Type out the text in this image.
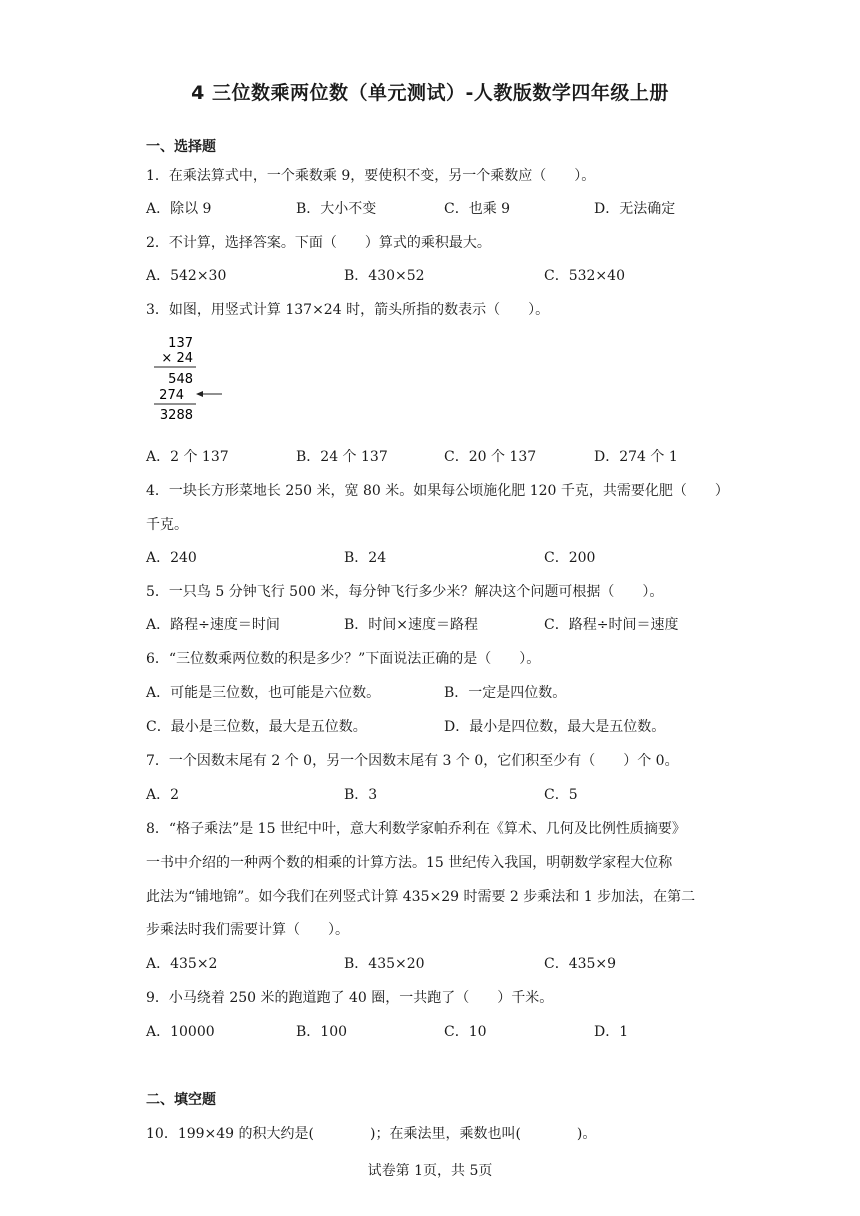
4 三位数乘两位数（单元测试）-人教版数学四年级上册
一、选择题
1．在乘法算式中，一个乘数乘 9，要使积不变，另一个乘数应（　　）。
A．除以 9	B．大小不变	C．也乘 9	D．无法确定
2．不计算，选择答案。下面（　　）算式的乘积最大。
A．542×30	B．430×52	C．532×40
3．如图，用竖式计算 137×24 时，箭头所指的数表示（　　）。
137
× 24
548
274
3288
A．2 个 137	B．24 个 137	C．20 个 137	D．274 个 1
4．一块长方形菜地长 250 米，宽 80 米。如果每公顷施化肥 120 千克，共需要化肥（　　）
千克。
A．240	B．24	C．200
5．一只鸟 5 分钟飞行 500 米，每分钟飞行多少米？解决这个问题可根据（　　）。
A．路程÷速度＝时间	B．时间×速度＝路程	C．路程÷时间＝速度
6．“三位数乘两位数的积是多少？”下面说法正确的是（　　）。
A．可能是三位数，也可能是六位数。	B．一定是四位数。
C．最小是三位数，最大是五位数。	D．最小是四位数，最大是五位数。
7．一个因数末尾有 2 个 0，另一个因数末尾有 3 个 0，它们积至少有（　　）个 0。
A．2	B．3	C．5
8．“格子乘法”是 15 世纪中叶，意大利数学家帕乔利在《算术、几何及比例性质摘要》
一书中介绍的一种两个数的相乘的计算方法。15 世纪传入我国，明朝数学家程大位称
此法为“铺地锦”。如今我们在列竖式计算 435×29 时需要 2 步乘法和 1 步加法，在第二
步乘法时我们需要计算（　　）。
A．435×2	B．435×20	C．435×9
9．小马绕着 250 米的跑道跑了 40 圈，一共跑了（　　）千米。
A．10000	B．100	C．10	D．1
二、填空题
10．199×49 的积大约是(　　　　)；在乘法里，乘数也叫(　　　　)。
试卷第 1页，共 5页
